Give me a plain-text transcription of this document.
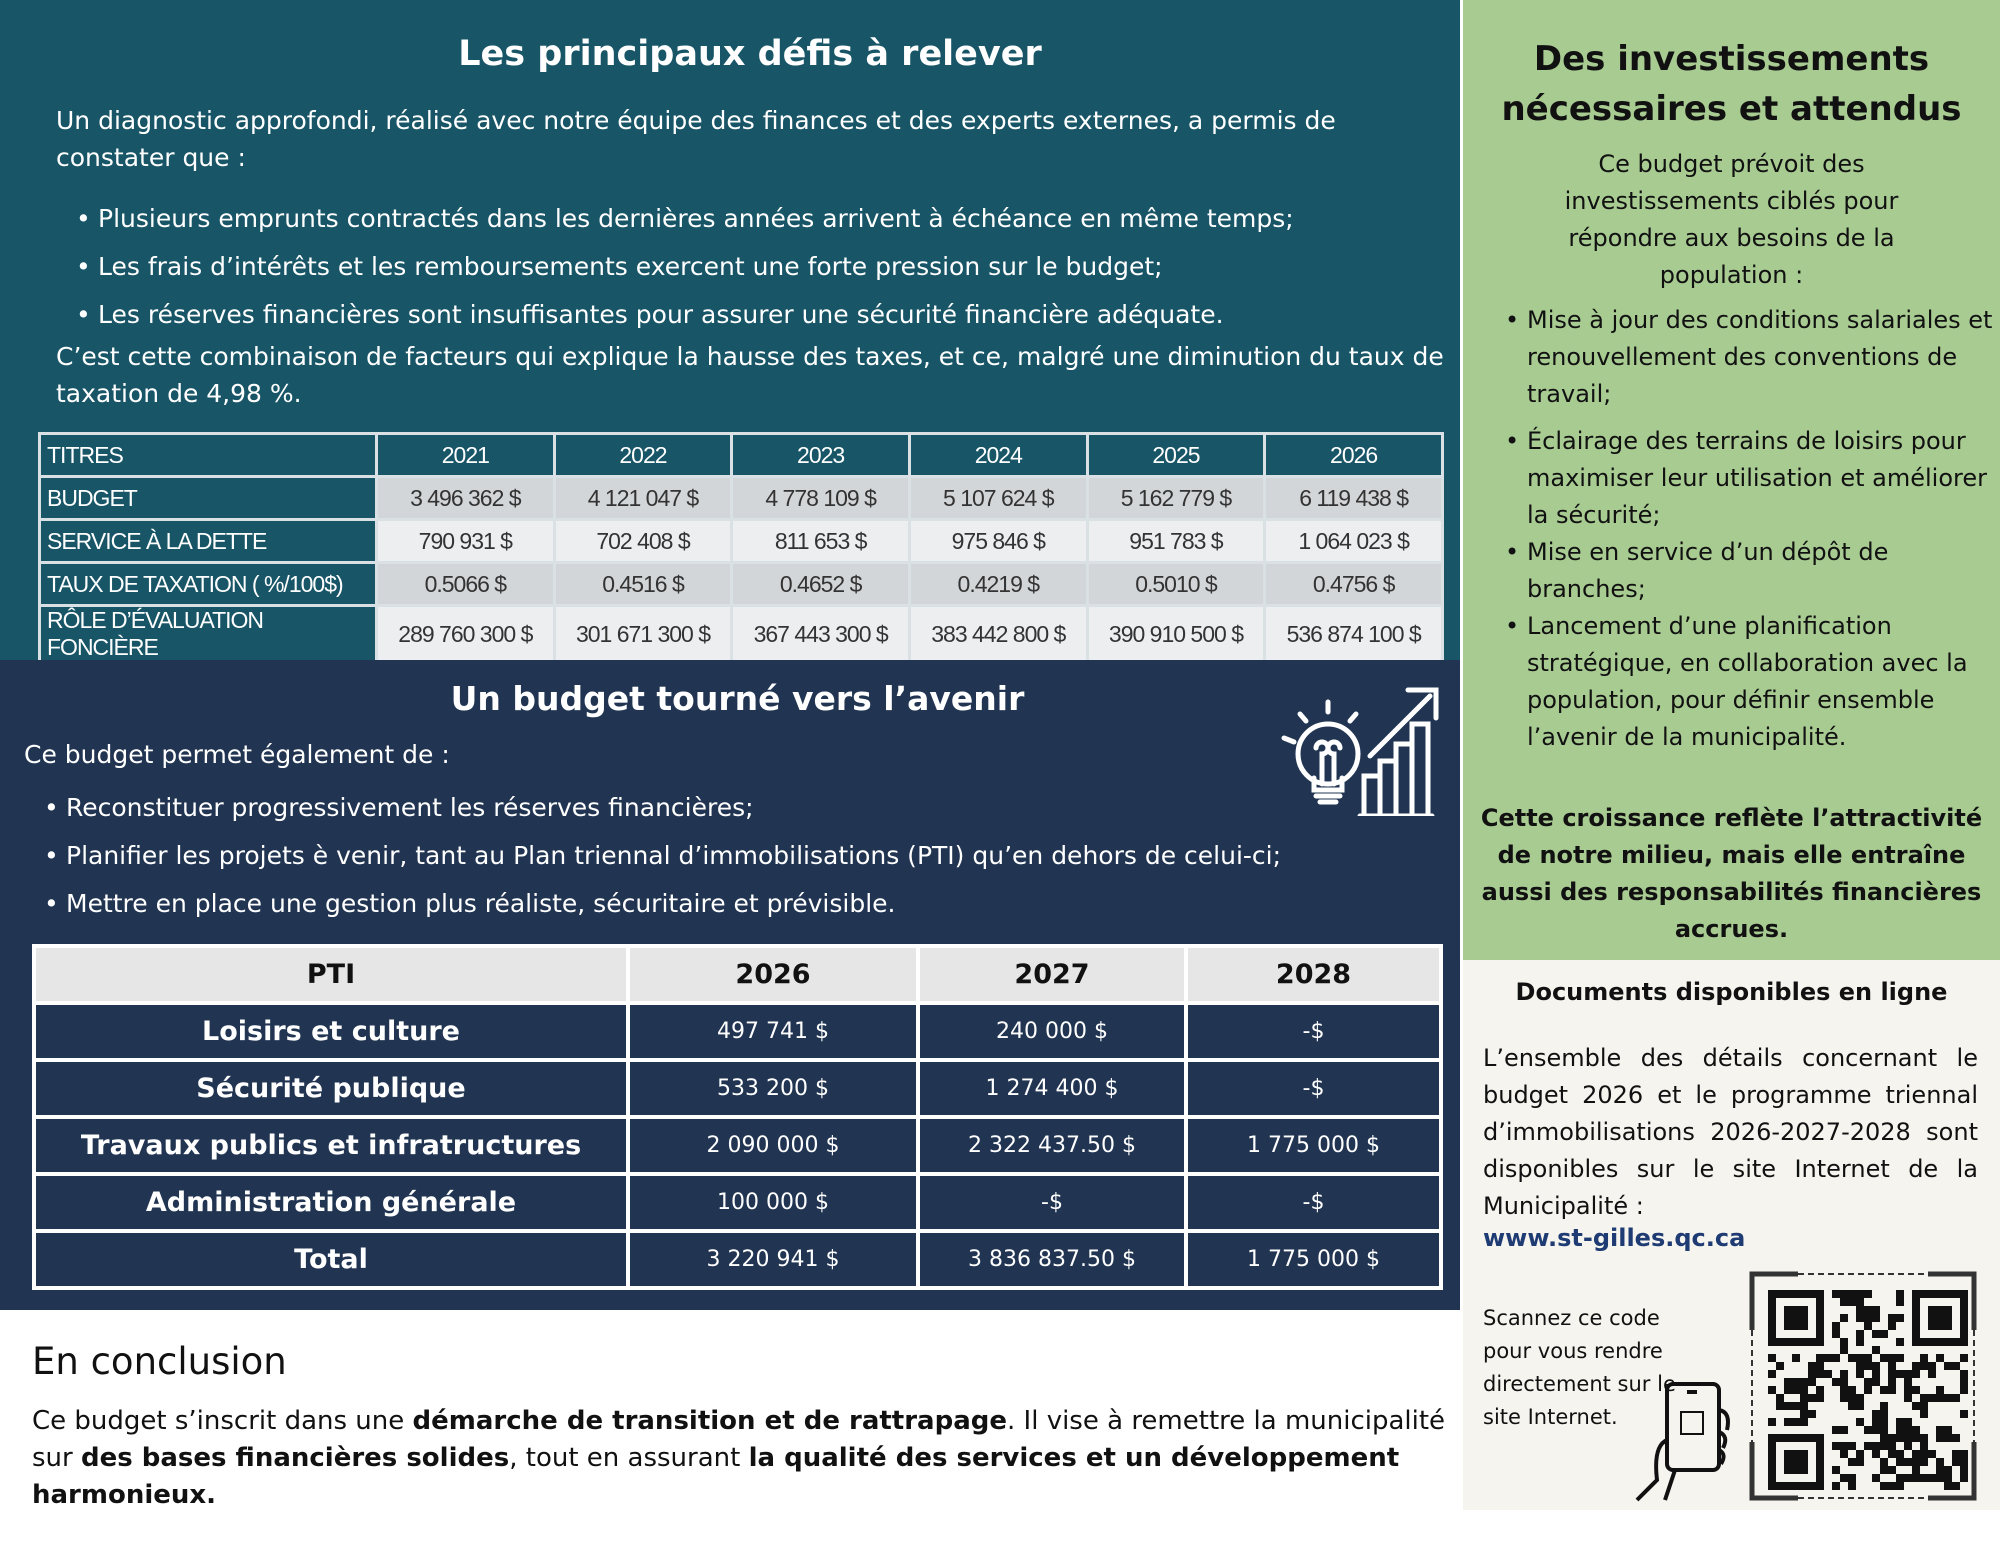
Les principaux défis à relever

Un diagnostic approfondi, réalisé avec notre équipe des finances et des experts externes, a permis de constater que :

• Plusieurs emprunts contractés dans les dernières années arrivent à échéance en même temps;
• Les frais d’intérêts et les remboursements exercent une forte pression sur le budget;
• Les réserves financières sont insuffisantes pour assurer une sécurité financière adéquate.

C’est cette combinaison de facteurs qui explique la hausse des taxes, et ce, malgré une diminution du taux de taxation de 4,98 %.

TITRES	2021	2022	2023	2024	2025	2026
BUDGET	3 496 362 $	4 121 047 $	4 778 109 $	5 107 624 $	5 162 779 $	6 119 438 $
SERVICE À LA DETTE	790 931 $	702 408 $	811 653 $	975 846 $	951 783 $	1 064 023 $
TAUX DE TAXATION ( %/100$)	0.5066 $	0.4516 $	0.4652 $	0.4219 $	0.5010 $	0.4756 $
RÔLE D’ÉVALUATION FONCIÈRE	289 760 300 $	301 671 300 $	367 443 300 $	383 442 800 $	390 910 500 $	536 874 100 $
Un budget tourné vers l’avenir

Ce budget permet également de :

• Reconstituer progressivement les réserves financières;
• Planifier les projets è venir, tant au Plan triennal d’immobilisations (PTI) qu’en dehors de celui-ci;
• Mettre en place une gestion plus réaliste, sécuritaire et prévisible.
PTI	2026	2027	2028
Loisirs et culture	497 741 $	240 000 $	-$
Sécurité publique	533 200 $	1 274 400 $	-$
Travaux publics et infratructures	2 090 000 $	2 322 437.50 $	1 775 000 $
Administration générale	100 000 $	-$	-$
Total	3 220 941 $	3 836 837.50 $	1 775 000 $
En conclusion

Ce budget s’inscrit dans une démarche de transition et de rattrapage. Il vise à remettre la municipalité sur des bases financières solides, tout en assurant la qualité des services et un développement harmonieux.

Des investissements nécessaires et attendus

Ce budget prévoit des investissements ciblés pour répondre aux besoins de la population :

• Mise à jour des conditions salariales et renouvellement des conventions de travail;
• Éclairage des terrains de loisirs pour maximiser leur utilisation et améliorer la sécurité;
• Mise en service d’un dépôt de branches;
• Lancement d’une planification stratégique, en collaboration avec la population, pour définir ensemble l’avenir de la municipalité.

Cette croissance reflète l’attractivité de notre milieu, mais elle entraîne aussi des responsabilités financières accrues.

Documents disponibles en ligne

L’ensemble des détails concernant le budget 2026 et le programme triennal d’immobilisations 2026-2027-2028 sont disponibles sur le site Internet de la Municipalité :

www.st-gilles.qc.ca

Scannez ce code pour vous rendre directement sur le site Internet.
